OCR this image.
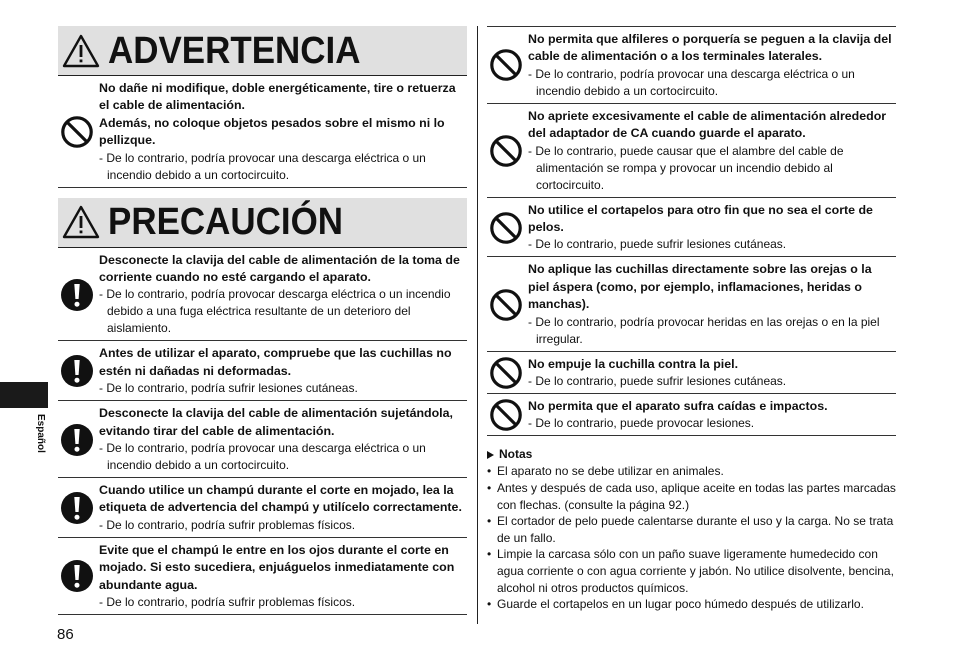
Español
86
ADVERTENCIA
No dañe ni modifique, doble energéticamente, tire o retuerza el cable de alimentación.
Además, no coloque objetos pesados sobre el mismo ni lo pellizque.
- De lo contrario, podría provocar una descarga eléctrica o un incendio debido a un cortocircuito.
PRECAUCIÓN
Desconecte la clavija del cable de alimentación de la toma de corriente cuando no esté cargando el aparato.
- De lo contrario, podría provocar descarga eléctrica o un incendio debido a una fuga eléctrica resultante de un deterioro del aislamiento.
Antes de utilizar el aparato, compruebe que las cuchillas no estén ni dañadas ni deformadas.
- De lo contrario, podría sufrir lesiones cutáneas.
Desconecte la clavija del cable de alimentación sujetándola, evitando tirar del cable de alimentación.
- De lo contrario, podría provocar una descarga eléctrica o un incendio debido a un cortocircuito.
Cuando utilice un champú durante el corte en mojado, lea la etiqueta de advertencia del champú y utilícelo correctamente.
- De lo contrario, podría sufrir problemas físicos.
Evite que el champú le entre en los ojos durante el corte en mojado. Si esto sucediera, enjuáguelos inmediatamente con abundante agua.
- De lo contrario, podría sufrir problemas físicos.
No permita que alfileres o porquería se peguen a la clavija del cable de alimentación o a los terminales laterales.
- De lo contrario, podría provocar una descarga eléctrica o un incendio debido a un cortocircuito.
No apriete excesivamente el cable de alimentación alrededor del adaptador de CA cuando guarde el aparato.
- De lo contrario, puede causar que el alambre del cable de alimentación se rompa y provocar un incendio debido al cortocircuito.
No utilice el cortapelos para otro fin que no sea el corte de pelos.
- De lo contrario, puede sufrir lesiones cutáneas.
No aplique las cuchillas directamente sobre las orejas o la piel áspera (como, por ejemplo, inflamaciones, heridas o manchas).
- De lo contrario, podría provocar heridas en las orejas o en la piel irregular.
No empuje la cuchilla contra la piel.
- De lo contrario, puede sufrir lesiones cutáneas.
No permita que el aparato sufra caídas e impactos.
- De lo contrario, puede provocar lesiones.
Notas
• El aparato no se debe utilizar en animales.
• Antes y después de cada uso, aplique aceite en todas las partes marcadas con flechas. (consulte la página 92.)
• El cortador de pelo puede calentarse durante el uso y la carga. No se trata de un fallo.
• Limpie la carcasa sólo con un paño suave ligeramente humedecido con agua corriente o con agua corriente y jabón. No utilice disolvente, bencina, alcohol ni otros productos químicos.
• Guarde el cortapelos en un lugar poco húmedo después de utilizarlo.
